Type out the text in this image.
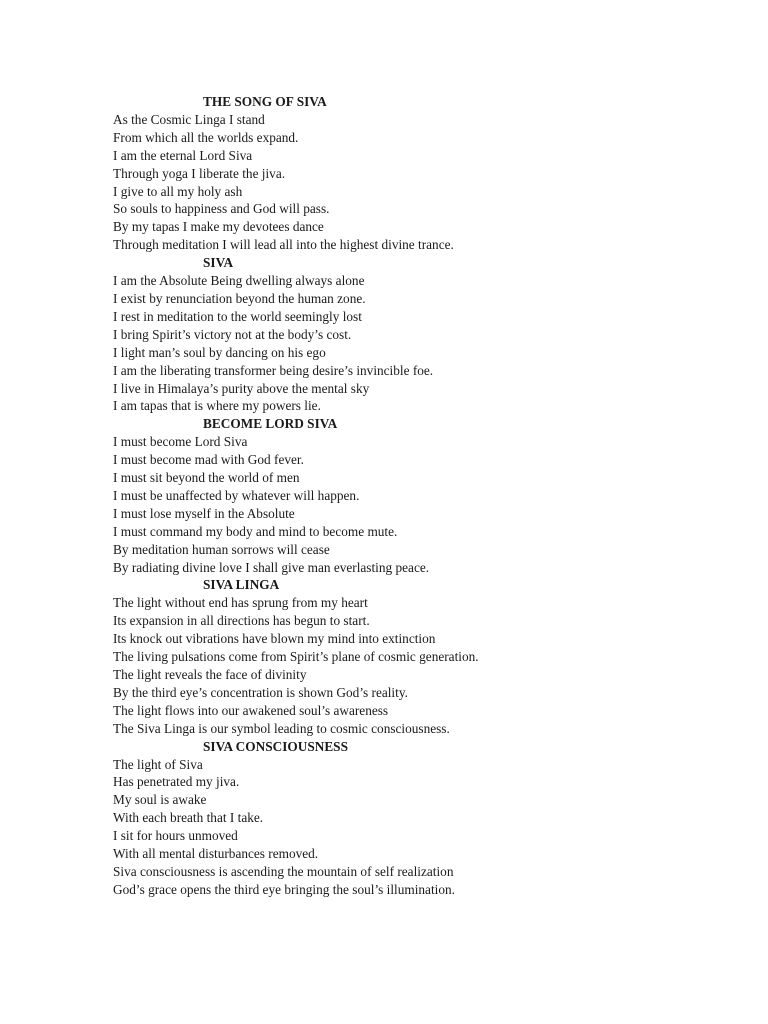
THE SONG OF SIVA
As the Cosmic Linga I stand
From which all the worlds expand.
I am the eternal Lord Siva
Through yoga I liberate the jiva.
I give to all my holy ash
So souls to happiness and God will pass.
By my tapas I make my devotees dance
Through meditation I will lead all into the highest divine trance.
SIVA
I am the Absolute Being dwelling always alone
I exist by renunciation beyond the human zone.
I rest in meditation to the world seemingly lost
I bring Spirit’s victory not at the body’s cost.
I light man’s soul by dancing on his ego
I am the liberating transformer being desire’s invincible foe.
I live in Himalaya’s purity above the mental sky
I am tapas that is where my powers lie.
BECOME LORD SIVA
I must become Lord Siva
I must become mad with God fever.
I must sit beyond the world of men
I must be unaffected by whatever will happen.
I must lose myself in the Absolute
I must command my body and mind to become mute.
By meditation human sorrows will cease
By radiating divine love I shall give man everlasting peace.
SIVA LINGA
The light without end has sprung from my heart
Its expansion in all directions has begun to start.
Its knock out vibrations have blown my mind into extinction
The living pulsations come from Spirit’s plane of cosmic generation.
The light reveals the face of divinity
By the third eye’s concentration is shown God’s reality.
The light flows into our awakened soul’s awareness
The Siva Linga is our symbol leading to cosmic consciousness.
SIVA CONSCIOUSNESS
The light of Siva
Has penetrated my jiva.
My soul is awake
With each breath that I take.
I sit for hours unmoved
With all mental disturbances removed.
Siva consciousness is ascending the mountain of self realization
God’s grace opens the third eye bringing the soul’s illumination.
